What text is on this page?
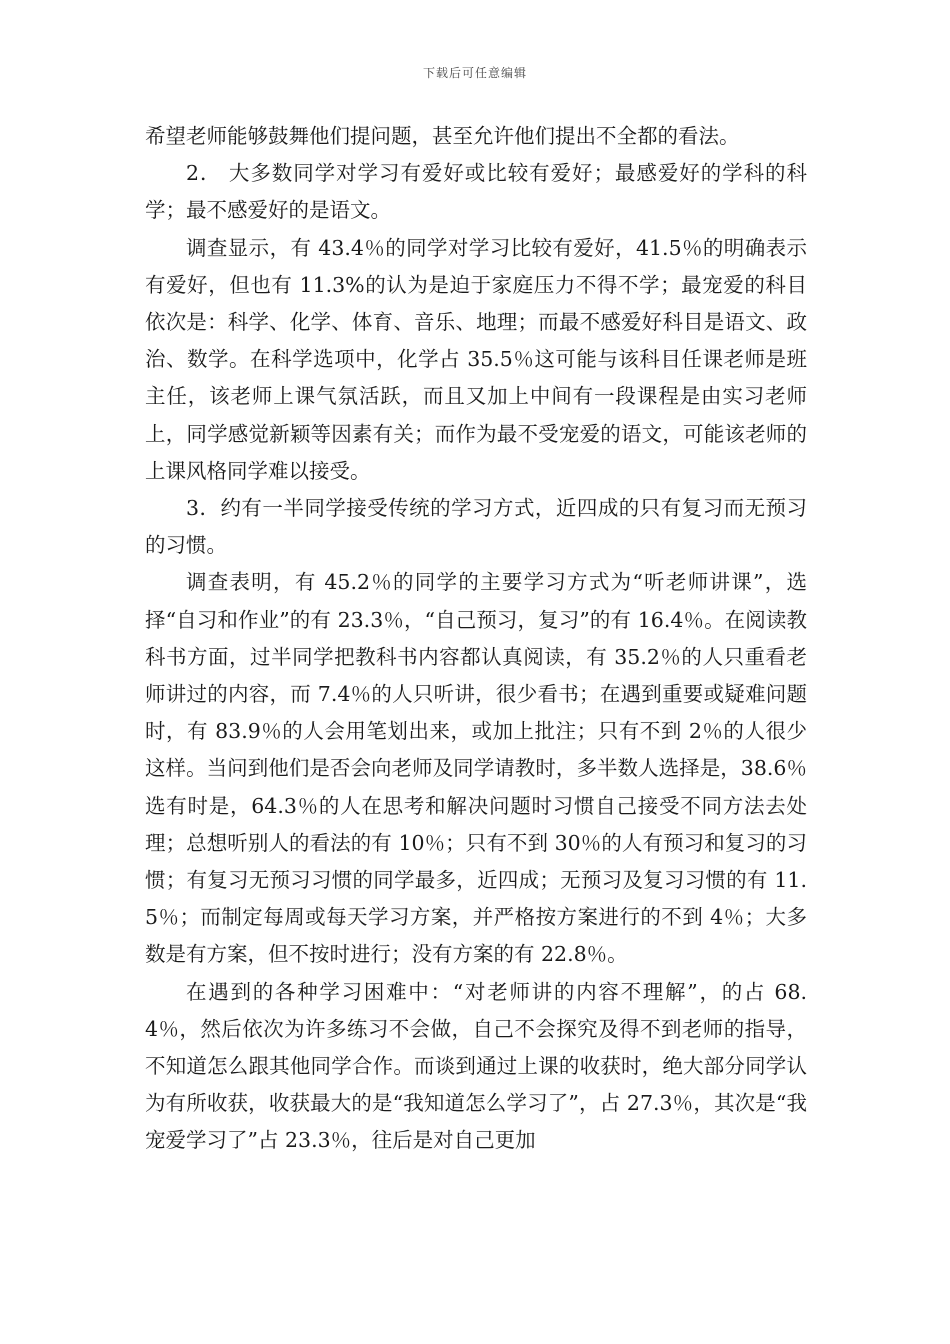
下载后可任意编辑

希望老师能够鼓舞他们提问题，甚至允许他们提出不全都的看法。

2． 大多数同学对学习有爱好或比较有爱好；最感爱好的学科的科学；最不感爱好的是语文。

调查显示，有 43.4％的同学对学习比较有爱好，41.5％的明确表示有爱好，但也有 11.3%的认为是迫于家庭压力不得不学；最宠爱的科目依次是：科学、化学、体育、音乐、地理；而最不感爱好科目是语文、政治、数学。在科学选项中，化学占 35.5％这可能与该科目任课老师是班主任，该老师上课气氛活跃，而且又加上中间有一段课程是由实习老师上，同学感觉新颖等因素有关；而作为最不受宠爱的语文，可能该老师的上课风格同学难以接受。

3．约有一半同学接受传统的学习方式，近四成的只有复习而无预习的习惯。

调查表明，有 45.2％的同学的主要学习方式为“听老师讲课”，选择“自习和作业”的有 23.3％，“自己预习，复习”的有 16.4％。在阅读教科书方面，过半同学把教科书内容都认真阅读，有 35.2％的人只重看老师讲过的内容，而 7.4％的人只听讲，很少看书；在遇到重要或疑难问题时，有 83.9％的人会用笔划出来，或加上批注；只有不到 2％的人很少这样。当问到他们是否会向老师及同学请教时，多半数人选择是，38.6％选有时是，64.3％的人在思考和解决问题时习惯自己接受不同方法去处理；总想听别人的看法的有 10％；只有不到 30％的人有预习和复习的习惯；有复习无预习习惯的同学最多，近四成；无预习及复习习惯的有 11.5％；而制定每周或每天学习方案，并严格按方案进行的不到 4％；大多数是有方案，但不按时进行；没有方案的有 22.8％。

在遇到的各种学习困难中：“对老师讲的内容不理解”，的占 68.4％，然后依次为许多练习不会做，自己不会探究及得不到老师的指导，不知道怎么跟其他同学合作。而谈到通过上课的收获时，绝大部分同学认为有所收获，收获最大的是“我知道怎么学习了”，占 27.3％，其次是“我宠爱学习了”占 23.3％，往后是对自己更加
